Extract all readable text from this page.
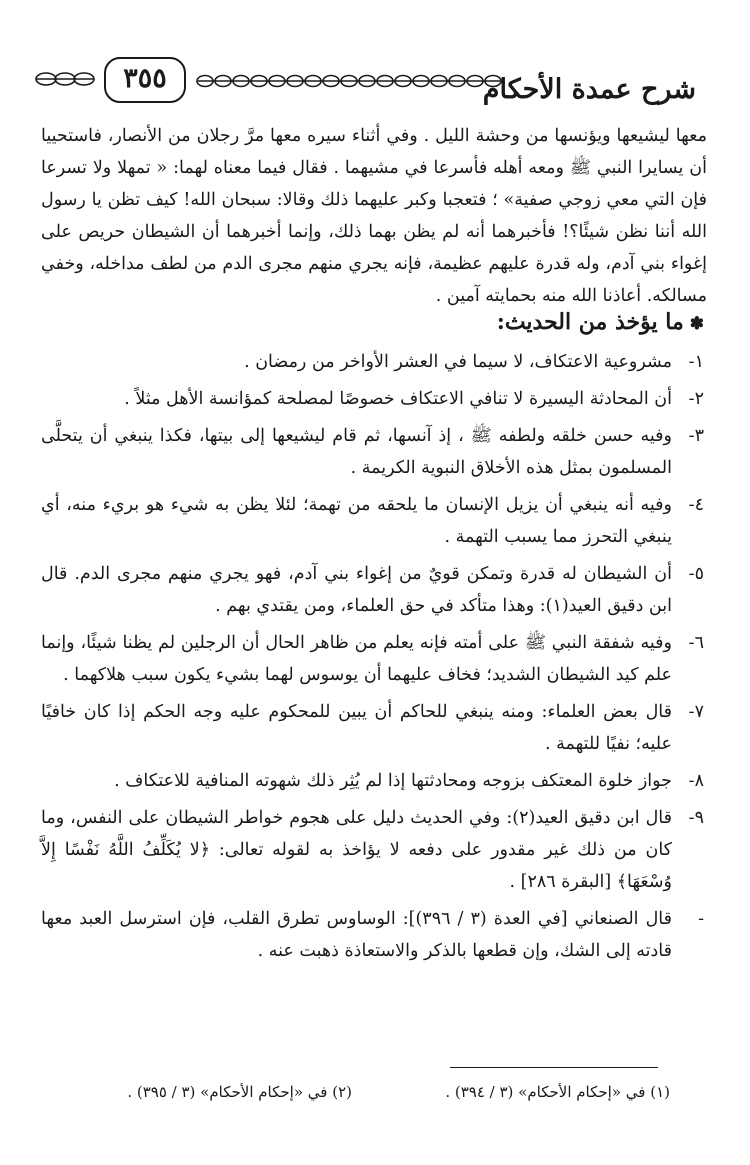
شرح عمدة الأحكام
٣٥٥
معها ليشيعها ويؤنسها من وحشة الليل . وفي أثناء سيره معها مرَّ رجلان من الأنصار، فاستحييا أن يسايرا النبي ﷺ ومعه أهله فأسرعا في مشيهما . فقال فيما معناه لهما: « تمهلا ولا تسرعا فإن التي معي زوجي صفية» ؛ فتعجبا وكبر عليهما ذلك وقالا: سبحان الله! كيف تظن يا رسول الله أننا نظن شيئًا؟! فأخبرهما أنه لم يظن بهما ذلك، وإنما أخبرهما أن الشيطان حريص على إغواء بني آدم، وله قدرة عليهم عظيمة، فإنه يجري منهم مجرى الدم من لطف مداخله، وخفي مسالكه. أعاذنا الله منه بحمايته آمين .
✽ما يؤخذ من الحديث:
١-
مشروعية الاعتكاف، لا سيما في العشر الأواخر من رمضان .
٢-
أن المحادثة اليسيرة لا تنافي الاعتكاف خصوصًا لمصلحة كمؤانسة الأهل مثلاً .
٣-
وفيه حسن خلقه ولطفه ﷺ ، إذ آنسها، ثم قام ليشيعها إلى بيتها، فكذا ينبغي أن يتحلَّى المسلمون بمثل هذه الأخلاق النبوية الكريمة .
٤-
وفيه أنه ينبغي أن يزيل الإنسان ما يلحقه من تهمة؛ لئلا يظن به شيء هو بريء منه، أي ينبغي التحرز مما يسبب التهمة .
٥-
أن الشيطان له قدرة وتمكن قويٌ من إغواء بني آدم، فهو يجري منهم مجرى الدم. قال ابن دقيق العيد(١): وهذا متأكد في حق العلماء، ومن يقتدي بهم .
٦-
وفيه شفقة النبي ﷺ على أمته فإنه يعلم من ظاهر الحال أن الرجلين لم يظنا شيئًا، وإنما علم كيد الشيطان الشديد؛ فخاف عليهما أن يوسوس لهما بشيء يكون سبب هلاكهما .
٧-
قال بعض العلماء: ومنه ينبغي للحاكم أن يبين للمحكوم عليه وجه الحكم إذا كان خافيًا عليه؛ نفيًا للتهمة .
٨-
جواز خلوة المعتكف بزوجه ومحادثتها إذا لم يُثِر ذلك شهوته المنافية للاعتكاف .
٩-
قال ابن دقيق العيد(٢): وفي الحديث دليل على هجوم خواطر الشيطان على النفس، وما كان من ذلك غير مقدور على دفعه لا يؤاخذ به لقوله تعالى: ﴿لا يُكَلِّفُ اللَّهُ نَفْسًا إِلاَّ وُسْعَهَا﴾ [البقرة ٢٨٦] .
-
قال الصنعاني [في العدة (٣ / ٣٩٦)]: الوساوس تطرق القلب، فإن استرسل العبد معها قادته إلى الشك، وإن قطعها بالذكر والاستعاذة ذهبت عنه .
(١) في «إحكام الأحكام» (٣ / ٣٩٤) .
(٢) في «إحكام الأحكام» (٣ / ٣٩٥) .
